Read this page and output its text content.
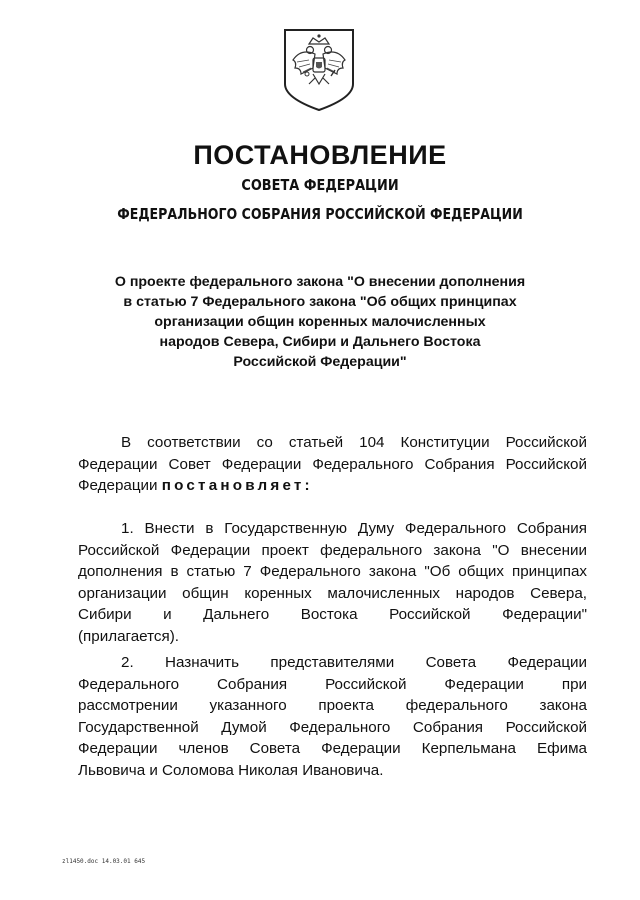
ПОСТАНОВЛЕНИЕ
СОВЕТА ФЕДЕРАЦИИ
ФЕДЕРАЛЬНОГО СОБРАНИЯ РОССИЙСКОЙ ФЕДЕРАЦИИ
О проекте федерального закона "О внесении дополнения
в статью 7 Федерального закона "Об общих принципах
организации общин коренных малочисленных
народов Севера, Сибири и Дальнего Востока
Российской Федерации"
В соответствии со статьей 104 Конституции Российской
Федерации Совет Федерации Федерального Собрания Российской
Федерации постановляет:
1. Внести в Государственную Думу Федерального Собрания
Российской Федерации проект федерального закона "О внесении
дополнения в статью 7 Федерального закона "Об общих принципах
организации общин коренных малочисленных народов Севера,
Сибири и Дальнего Востока Российской Федерации"
(прилагается).
2. Назначить представителями Совета Федерации
Федерального Собрания Российской Федерации при
рассмотрении указанного проекта федерального закона
Государственной Думой Федерального Собрания Российской
Федерации членов Совета Федерации Керпельмана Ефима
Львовича и Соломова Николая Ивановича.
zl1450.doc 14.03.01 645
